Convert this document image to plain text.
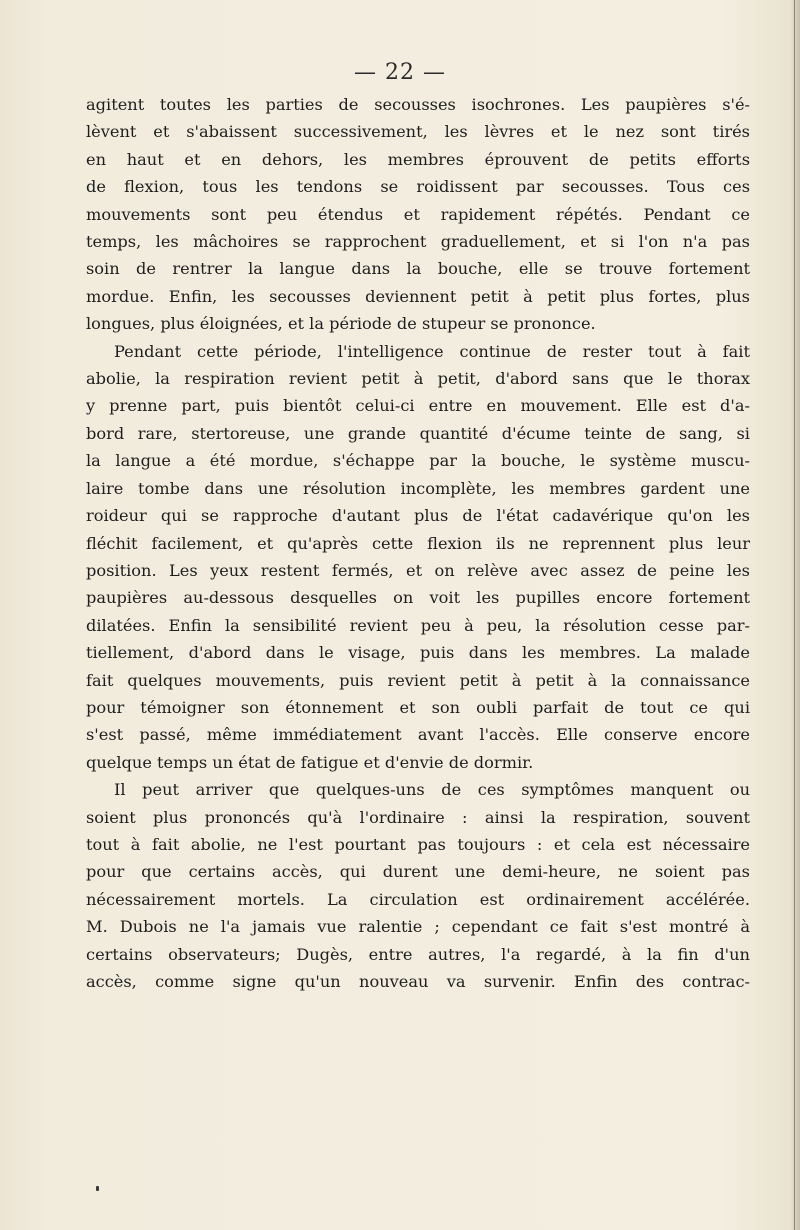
— 22 —
agitent toutes les parties de secousses isochrones. Les paupières s'é-
lèvent et s'abaissent successivement, les lèvres et le nez sont tirés
en haut et en dehors, les membres éprouvent de petits efforts
de flexion, tous les tendons se roidissent par secousses. Tous ces
mouvements sont peu étendus et rapidement répétés. Pendant ce
temps, les mâchoires se rapprochent graduellement, et si l'on n'a pas
soin de rentrer la langue dans la bouche, elle se trouve fortement
mordue. Enfin, les secousses deviennent petit à petit plus fortes, plus
longues, plus éloignées, et la période de stupeur se prononce.
Pendant cette période, l'intelligence continue de rester tout à fait
abolie, la respiration revient petit à petit, d'abord sans que le thorax
y prenne part, puis bientôt celui-ci entre en mouvement. Elle est d'a-
bord rare, stertoreuse, une grande quantité d'écume teinte de sang, si
la langue a été mordue, s'échappe par la bouche, le système muscu-
laire tombe dans une résolution incomplète, les membres gardent une
roideur qui se rapproche d'autant plus de l'état cadavérique qu'on les
fléchit facilement, et qu'après cette flexion ils ne reprennent plus leur
position. Les yeux restent fermés, et on relève avec assez de peine les
paupières au-dessous desquelles on voit les pupilles encore fortement
dilatées. Enfin la sensibilité revient peu à peu, la résolution cesse par-
tiellement, d'abord dans le visage, puis dans les membres. La malade
fait quelques mouvements, puis revient petit à petit à la connaissance
pour témoigner son étonnement et son oubli parfait de tout ce qui
s'est passé, même immédiatement avant l'accès. Elle conserve encore
quelque temps un état de fatigue et d'envie de dormir.
Il peut arriver que quelques-uns de ces symptômes manquent ou
soient plus prononcés qu'à l'ordinaire : ainsi la respiration, souvent
tout à fait abolie, ne l'est pourtant pas toujours : et cela est nécessaire
pour que certains accès, qui durent une demi-heure, ne soient pas
nécessairement mortels. La circulation est ordinairement accélérée.
M. Dubois ne l'a jamais vue ralentie ; cependant ce fait s'est montré à
certains observateurs; Dugès, entre autres, l'a regardé, à la fin d'un
accès, comme signe qu'un nouveau va survenir. Enfin des contrac-
